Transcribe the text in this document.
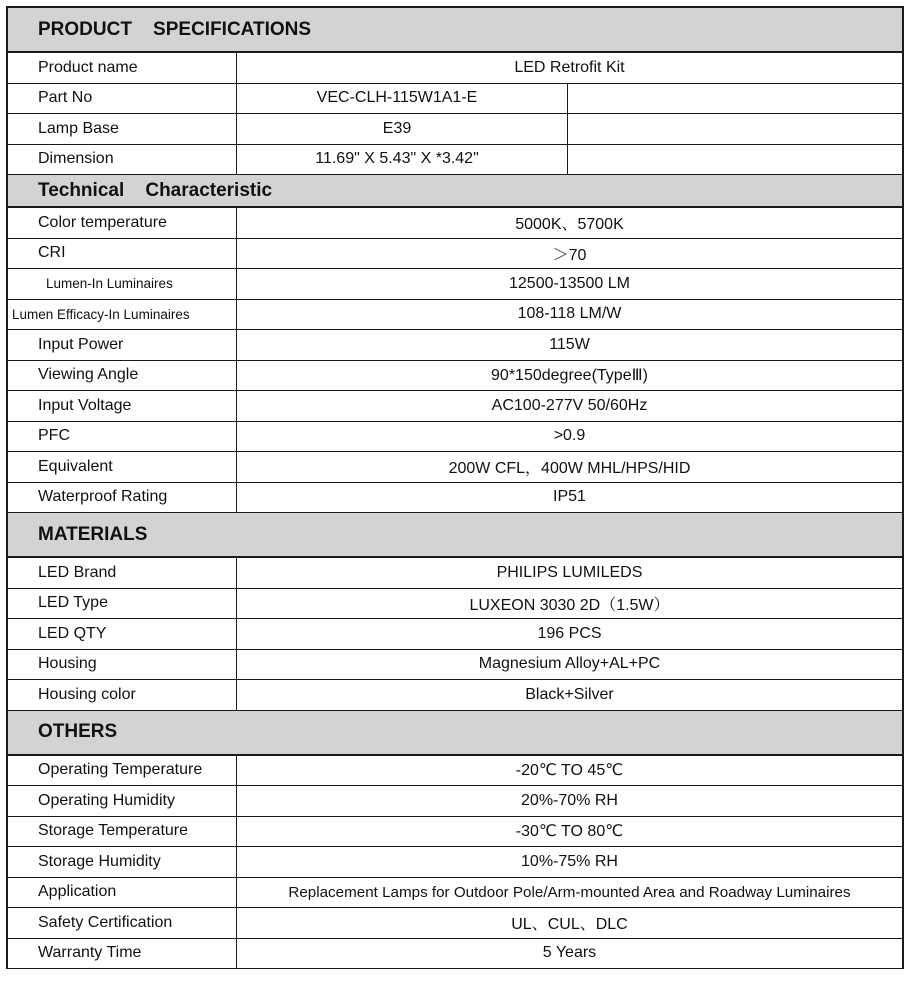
PRODUCT    SPECIFICATIONS
Product name	LED Retrofit Kit
Part No	VEC-CLH-115W1A1-E
Lamp Base	E39
Dimension	11.69" X 5.43" X *3.42"
Technical    Characteristic
Color temperature	5000K、5700K
CRI	＞70
Lumen-In Luminaires	12500-13500 LM
Lumen Efficacy-In Luminaires	108-118 LM/W
Input Power	115W
Viewing Angle	90*150degree(TypeⅢ)
Input Voltage	AC100-277V 50/60Hz
PFC	>0.9
Equivalent	200W CFL，400W MHL/HPS/HID
Waterproof Rating	IP51
MATERIALS
LED Brand	PHILIPS LUMILEDS
LED Type	LUXEON 3030 2D（1.5W）
LED QTY	196 PCS
Housing	Magnesium Alloy+AL+PC
Housing color	Black+Silver
OTHERS
Operating Temperature	-20℃ TO 45℃
Operating Humidity	20%-70% RH
Storage Temperature	-30℃ TO 80℃
Storage Humidity	10%-75% RH
Application	Replacement Lamps for Outdoor Pole/Arm-mounted Area and Roadway Luminaires
Safety Certification	UL、CUL、DLC
Warranty Time	5 Years
